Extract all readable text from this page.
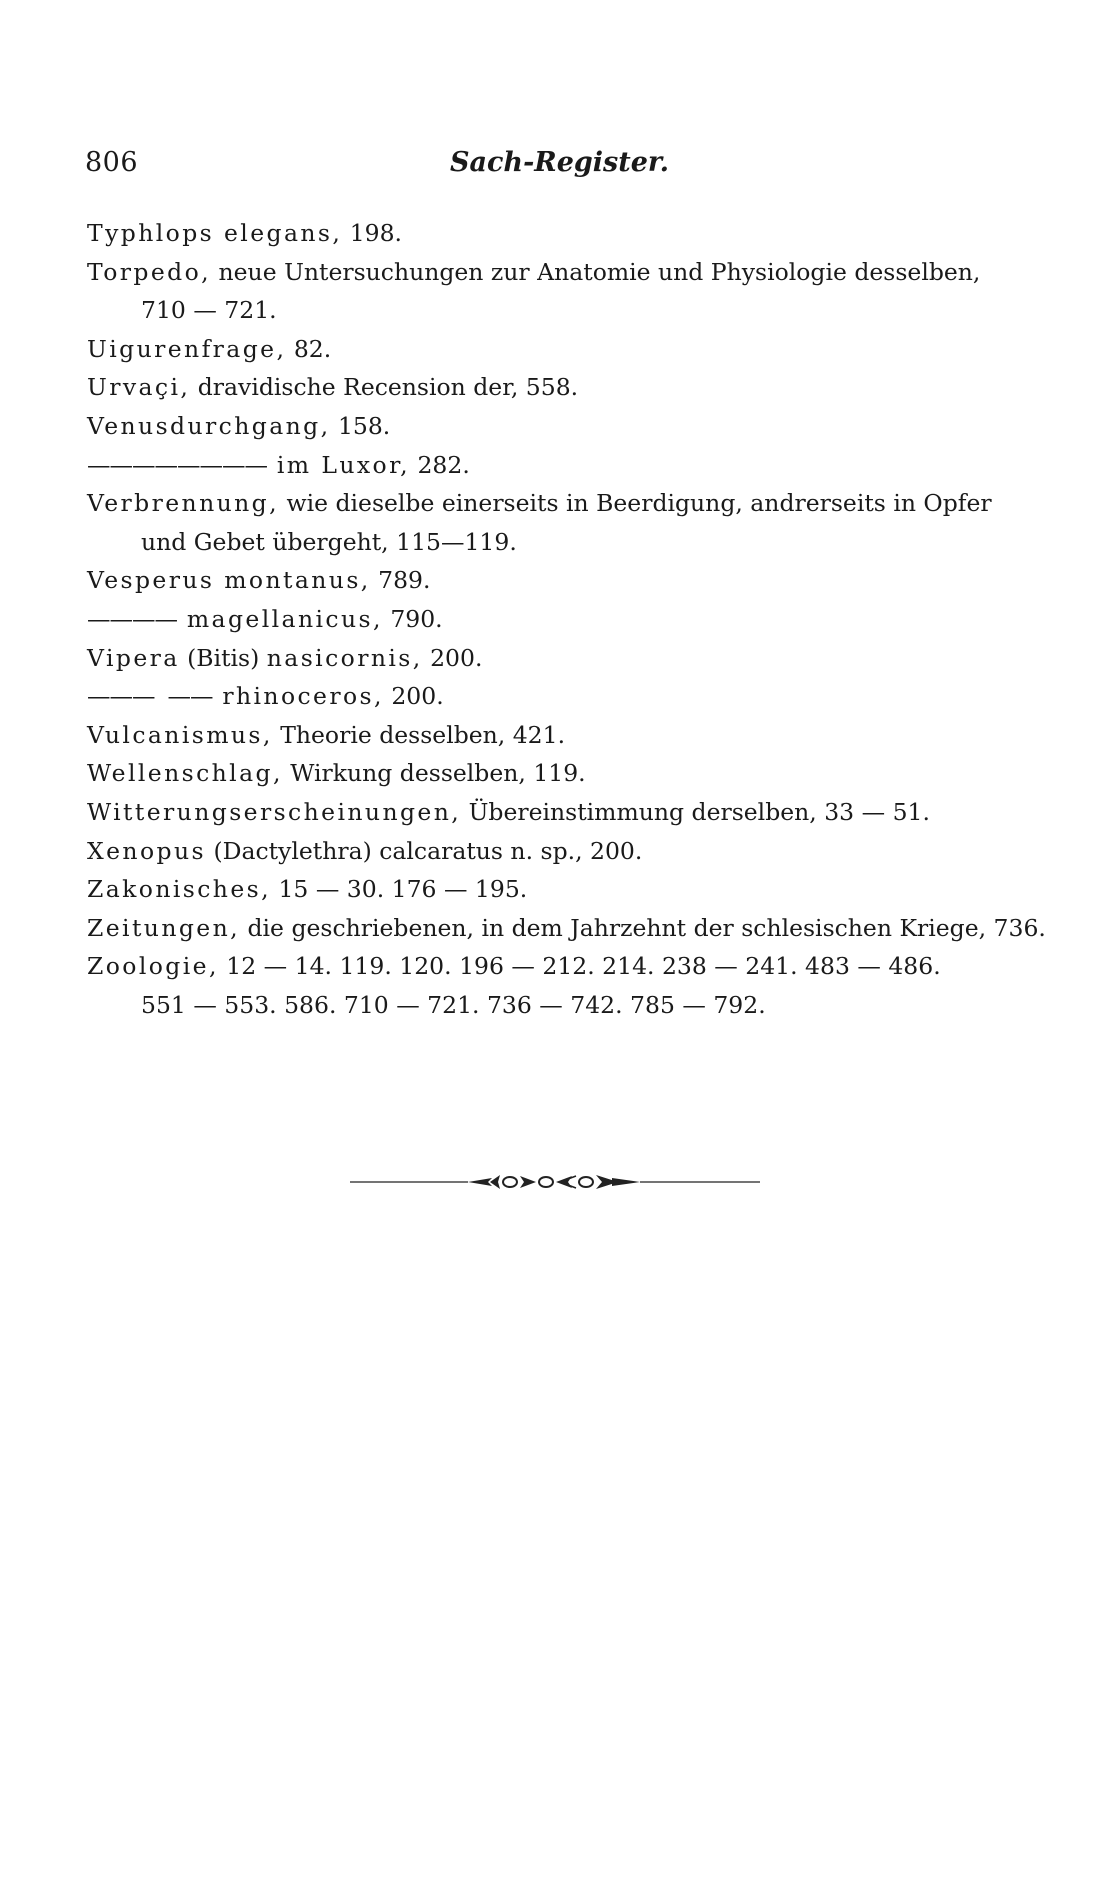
806	Sach-Register.
Typhlops elegans, 198.
Torpedo, neue Untersuchungen zur Anatomie und Physiologie desselben,
710 — 721.
Uigurenfrage, 82.
Urvaçi, dravidische Recension der, 558.
Venusdurchgang, 158.
———————— im Luxor, 282.
Verbrennung, wie dieselbe einerseits in Beerdigung, andrerseits in Opfer
und Gebet übergeht, 115—119.
Vesperus montanus, 789.
———— magellanicus, 790.
Vipera (Bitis) nasicornis, 200.
———  —— rhinoceros, 200.
Vulcanismus, Theorie desselben, 421.
Wellenschlag, Wirkung desselben, 119.
Witterungserscheinungen, Übereinstimmung derselben, 33 — 51.
Xenopus (Dactylethra) calcaratus n. sp., 200.
Zakonisches, 15 — 30. 176 — 195.
Zeitungen, die geschriebenen, in dem Jahrzehnt der schlesischen Kriege, 736.
Zoologie, 12 — 14. 119. 120. 196 — 212. 214. 238 — 241. 483 — 486.
551 — 553. 586. 710 — 721. 736 — 742. 785 — 792.
